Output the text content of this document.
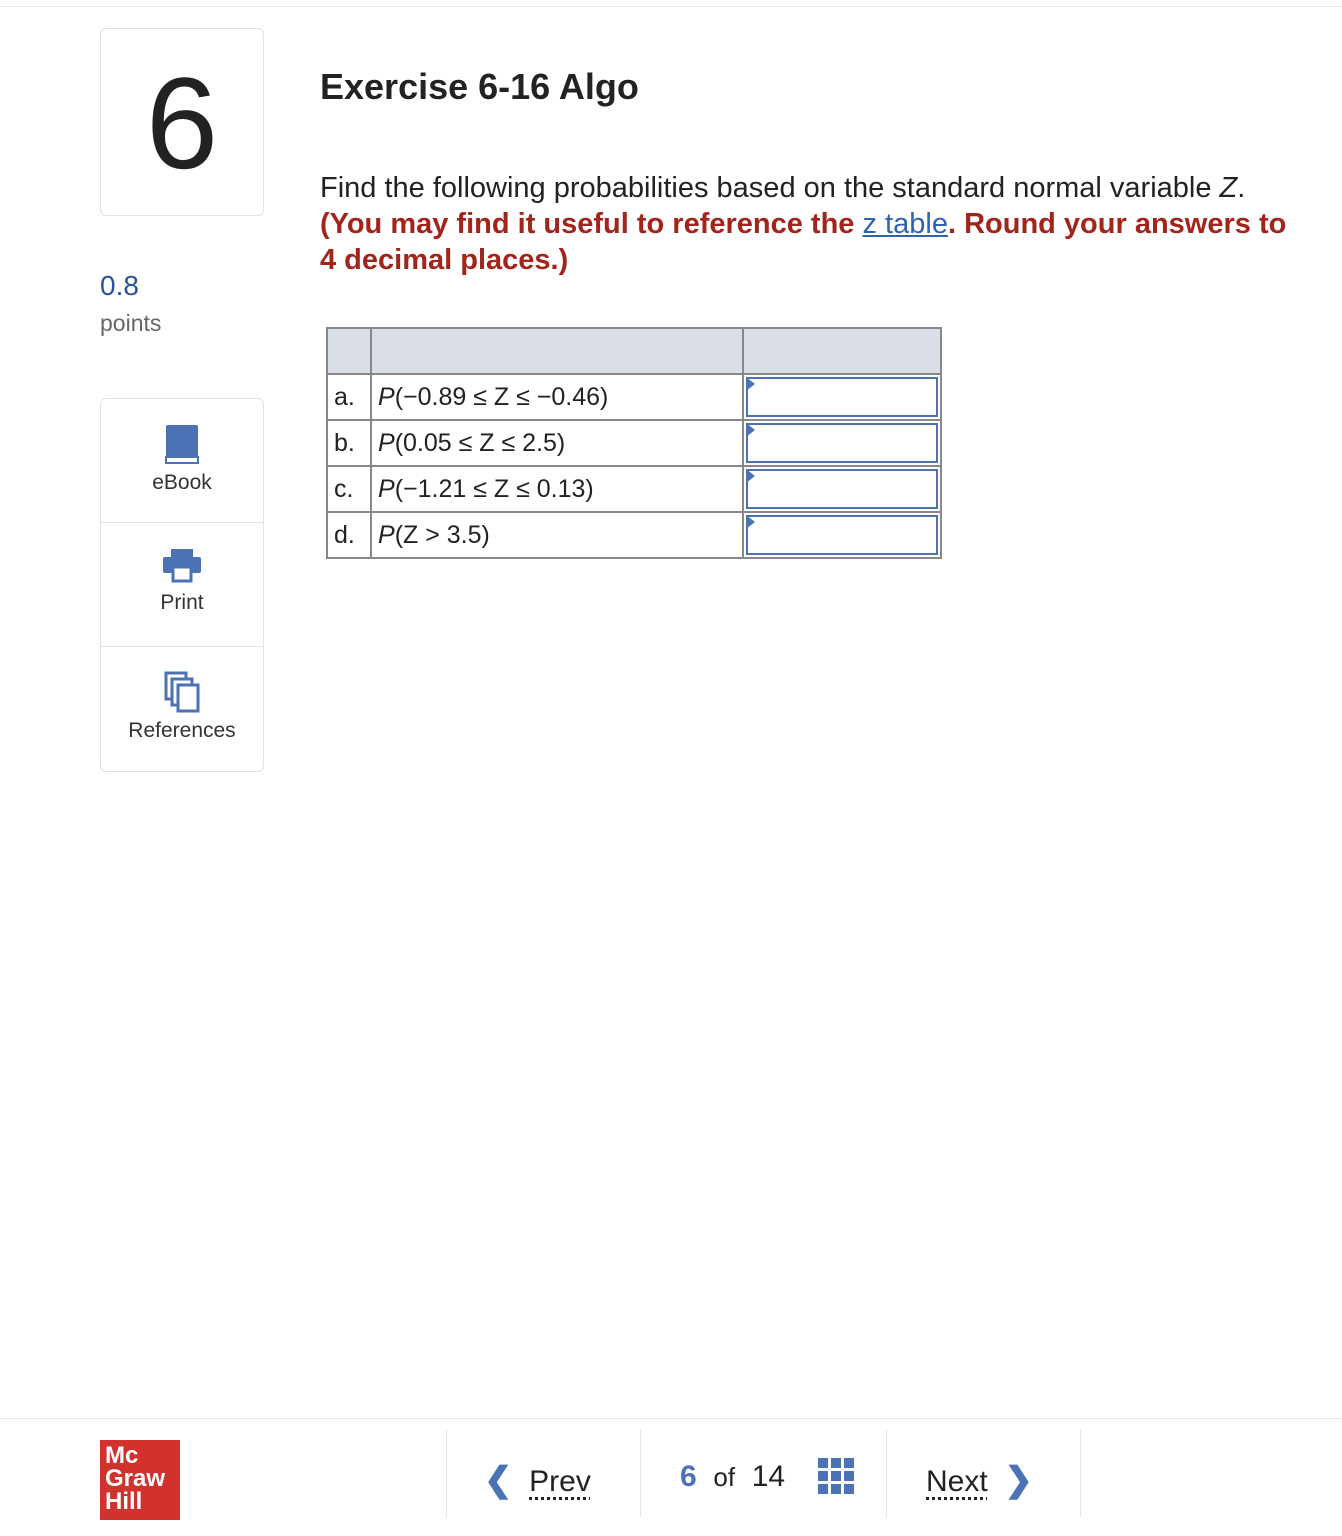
6
0.8
points
eBook
Print
References
Exercise 6-16 Algo
Find the following probabilities based on the standard normal variable Z. (You may find it useful to reference the z table. Round your answers to 4 decimal places.)

a.	P(−0.89 ≤ Z ≤ −0.46)	

b.	P(0.05 ≤ Z ≤ 2.5)	

c.	P(−1.21 ≤ Z ≤ 0.13)	

d.	P(Z > 3.5)	
Mc
Graw
Hill
❮ Prev	6 of 14	Next ❯
